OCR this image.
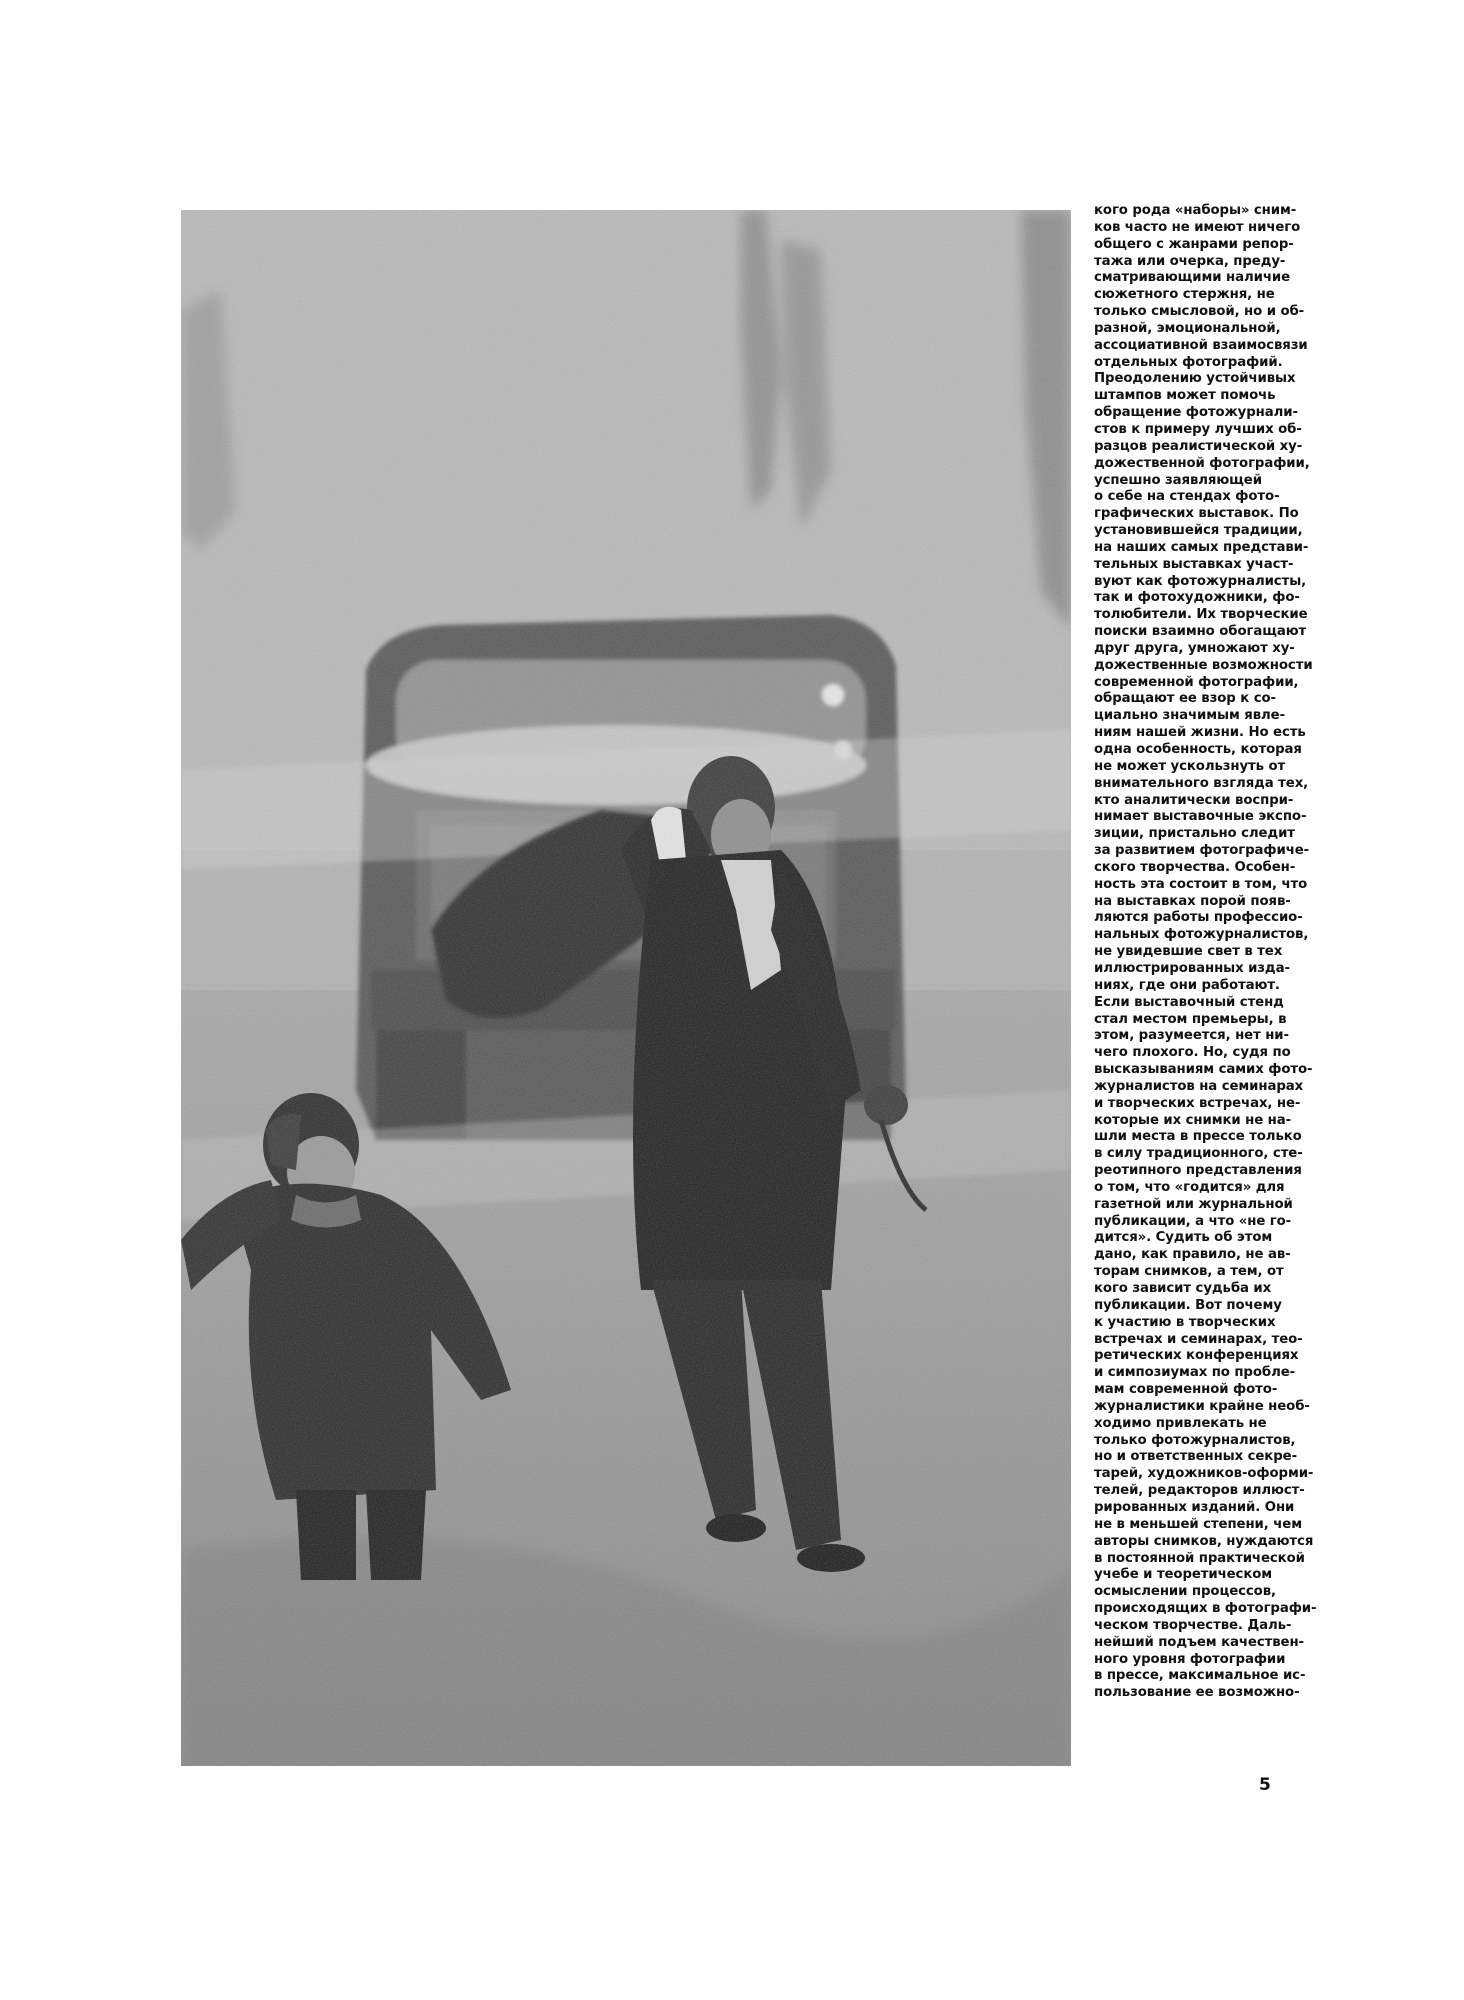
кого рода «наборы» сним-
ков часто не имеют ничего
общего с жанрами репор-
тажа или очерка, преду-
сматривающими наличие
сюжетного стержня, не
только смысловой, но и об-
разной, эмоциональной,
ассоциативной взаимосвязи
отдельных фотографий.
Преодолению устойчивых
штампов может помочь
обращение фотожурнали-
стов к примеру лучших об-
разцов реалистической ху-
дожественной фотографии,
успешно заявляющей
о себе на стендах фото-
графических выставок. По
установившейся традиции,
на наших самых представи-
тельных выставках участ-
вуют как фотожурналисты,
так и фотохудожники, фо-
толюбители. Их творческие
поиски взаимно обогащают
друг друга, умножают ху-
дожественные возможности
современной фотографии,
обращают ее взор к со-
циально значимым явле-
ниям нашей жизни. Но есть
одна особенность, которая
не может ускользнуть от
внимательного взгляда тех,
кто аналитически воспри-
нимает выставочные экспо-
зиции, пристально следит
за развитием фотографиче-
ского творчества. Особен-
ность эта состоит в том, что
на выставках порой появ-
ляются работы профессио-
нальных фотожурналистов,
не увидевшие свет в тех
иллюстрированных изда-
ниях, где они работают.
Если выставочный стенд
стал местом премьеры, в
этом, разумеется, нет ни-
чего плохого. Но, судя по
высказываниям самих фото-
журналистов на семинарах
и творческих встречах, не-
которые их снимки не на-
шли места в прессе только
в силу традиционного, сте-
реотипного представления
о том, что «годится» для
газетной или журнальной
публикации, а что «не го-
дится». Судить об этом
дано, как правило, не ав-
торам снимков, а тем, от
кого зависит судьба их
публикации. Вот почему
к участию в творческих
встречах и семинарах, тео-
ретических конференциях
и симпозиумах по пробле-
мам современной фото-
журналистики крайне необ-
ходимо привлекать не
только фотожурналистов,
но и ответственных секре-
тарей, художников-оформи-
телей, редакторов иллюст-
рированных изданий. Они
не в меньшей степени, чем
авторы снимков, нуждаются
в постоянной практической
учебе и теоретическом
осмыслении процессов,
происходящих в фотографи-
ческом творчестве. Даль-
нейший подъем качествен-
ного уровня фотографии
в прессе, максимальное ис-
пользование ее возможно-
5
